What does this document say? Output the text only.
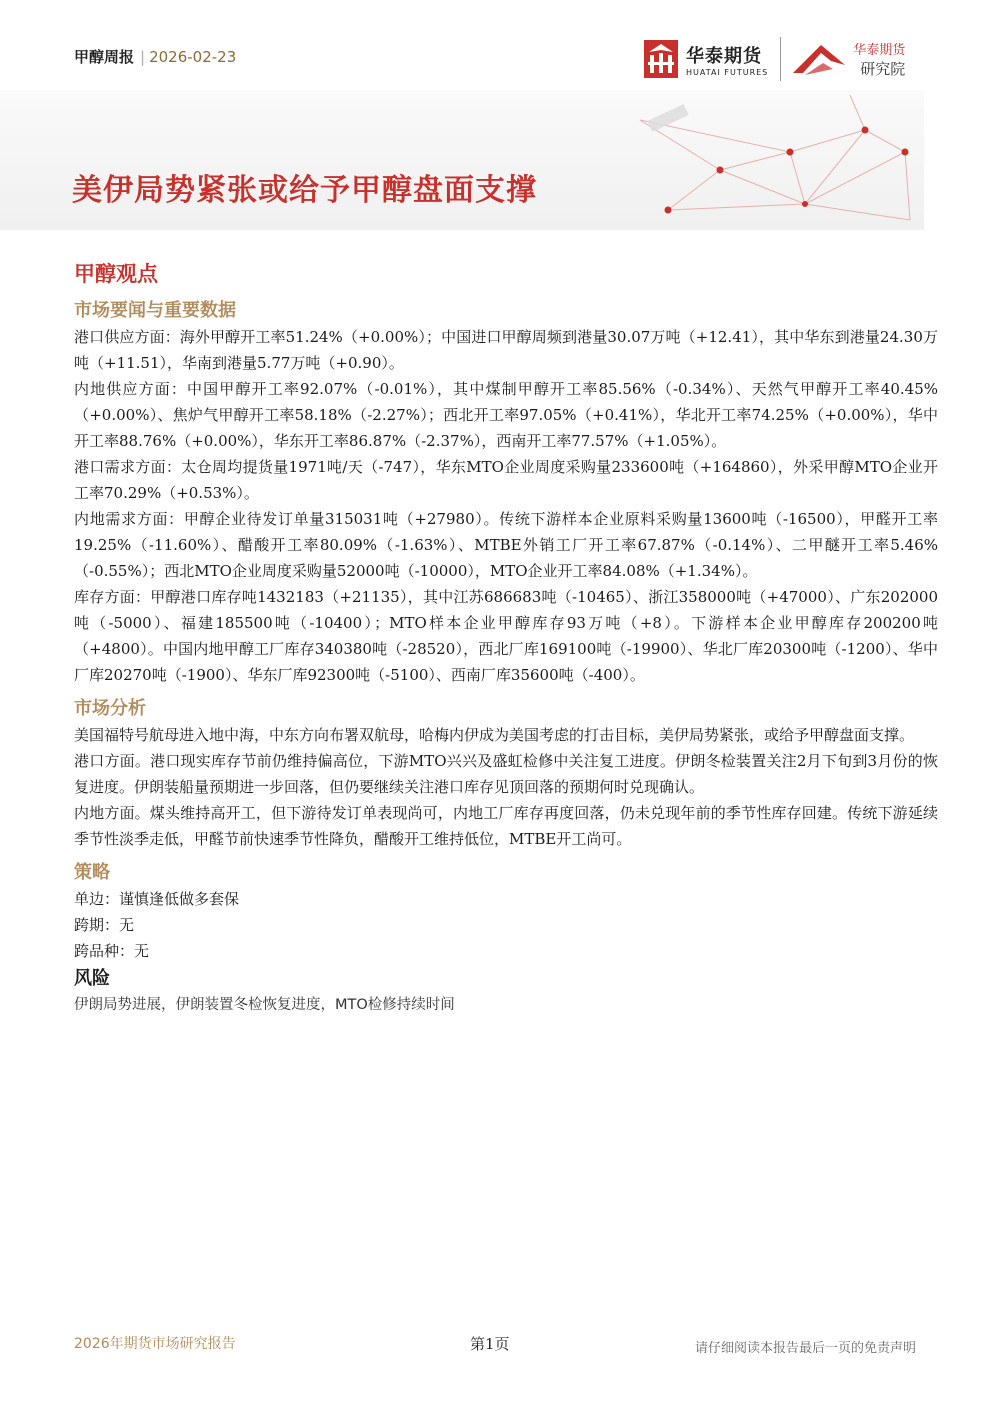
甲醇周报 | 2026-02-23	华泰期货
HUATAI FUTURES
华泰期货
研究院
美伊局势紧张或给予甲醇盘面支撑
甲醇观点
市场要闻与重要数据

港口供应方面：海外甲醇开工率51.24%（+0.00%）；中国进口甲醇周频到港量30.07万吨（+12.41），其中华东到港量24.30万吨（+11.51），华南到港量5.77万吨（+0.90）。

内地供应方面：中国甲醇开工率92.07%（-0.01%），其中煤制甲醇开工率85.56%（-0.34%）、天然气甲醇开工率40.45%（+0.00%）、焦炉气甲醇开工率58.18%（-2.27%）；西北开工率97.05%（+0.41%），华北开工率74.25%（+0.00%），华中开工率88.76%（+0.00%），华东开工率86.87%（-2.37%），西南开工率77.57%（+1.05%）。

港口需求方面：太仓周均提货量1971吨/天（-747），华东MTO企业周度采购量233600吨（+164860），外采甲醇MTO企业开工率70.29%（+0.53%）。

内地需求方面：甲醇企业待发订单量315031吨（+27980）。传统下游样本企业原料采购量13600吨（-16500），甲醛开工率19.25%（-11.60%）、醋酸开工率80.09%（-1.63%）、MTBE外销工厂开工率67.87%（-0.14%）、二甲醚开工率5.46%（-0.55%）；西北MTO企业周度采购量52000吨（-10000），MTO企业开工率84.08%（+1.34%）。

库存方面：甲醇港口库存吨1432183（+21135），其中江苏686683吨（-10465）、浙江358000吨（+47000）、广东202000吨（-5000）、福建185500吨（-10400）；MTO样本企业甲醇库存93万吨（+8）。下游样本企业甲醇库存200200吨（+4800）。中国内地甲醇工厂库存340380吨（-28520），西北厂库169100吨（-19900）、华北厂库20300吨（-1200）、华中厂库20270吨（-1900）、华东厂库92300吨（-5100）、西南厂库35600吨（-400）。

市场分析

美国福特号航母进入地中海，中东方向布署双航母，哈梅内伊成为美国考虑的打击目标，美伊局势紧张，或给予甲醇盘面支撑。

港口方面。港口现实库存节前仍维持偏高位，下游MTO兴兴及盛虹检修中关注复工进度。伊朗冬检装置关注2月下旬到3月份的恢复进度。伊朗装船量预期进一步回落，但仍要继续关注港口库存见顶回落的预期何时兑现确认。

内地方面。煤头维持高开工，但下游待发订单表现尚可，内地工厂库存再度回落，仍未兑现年前的季节性库存回建。传统下游延续季节性淡季走低，甲醛节前快速季节性降负，醋酸开工维持低位，MTBE开工尚可。

策略
单边：谨慎逢低做多套保
跨期：无
跨品种：无
风险
伊朗局势进展，伊朗装置冬检恢复进度，MTO检修持续时间
2026年期货市场研究报告	第1页	请仔细阅读本报告最后一页的免责声明
